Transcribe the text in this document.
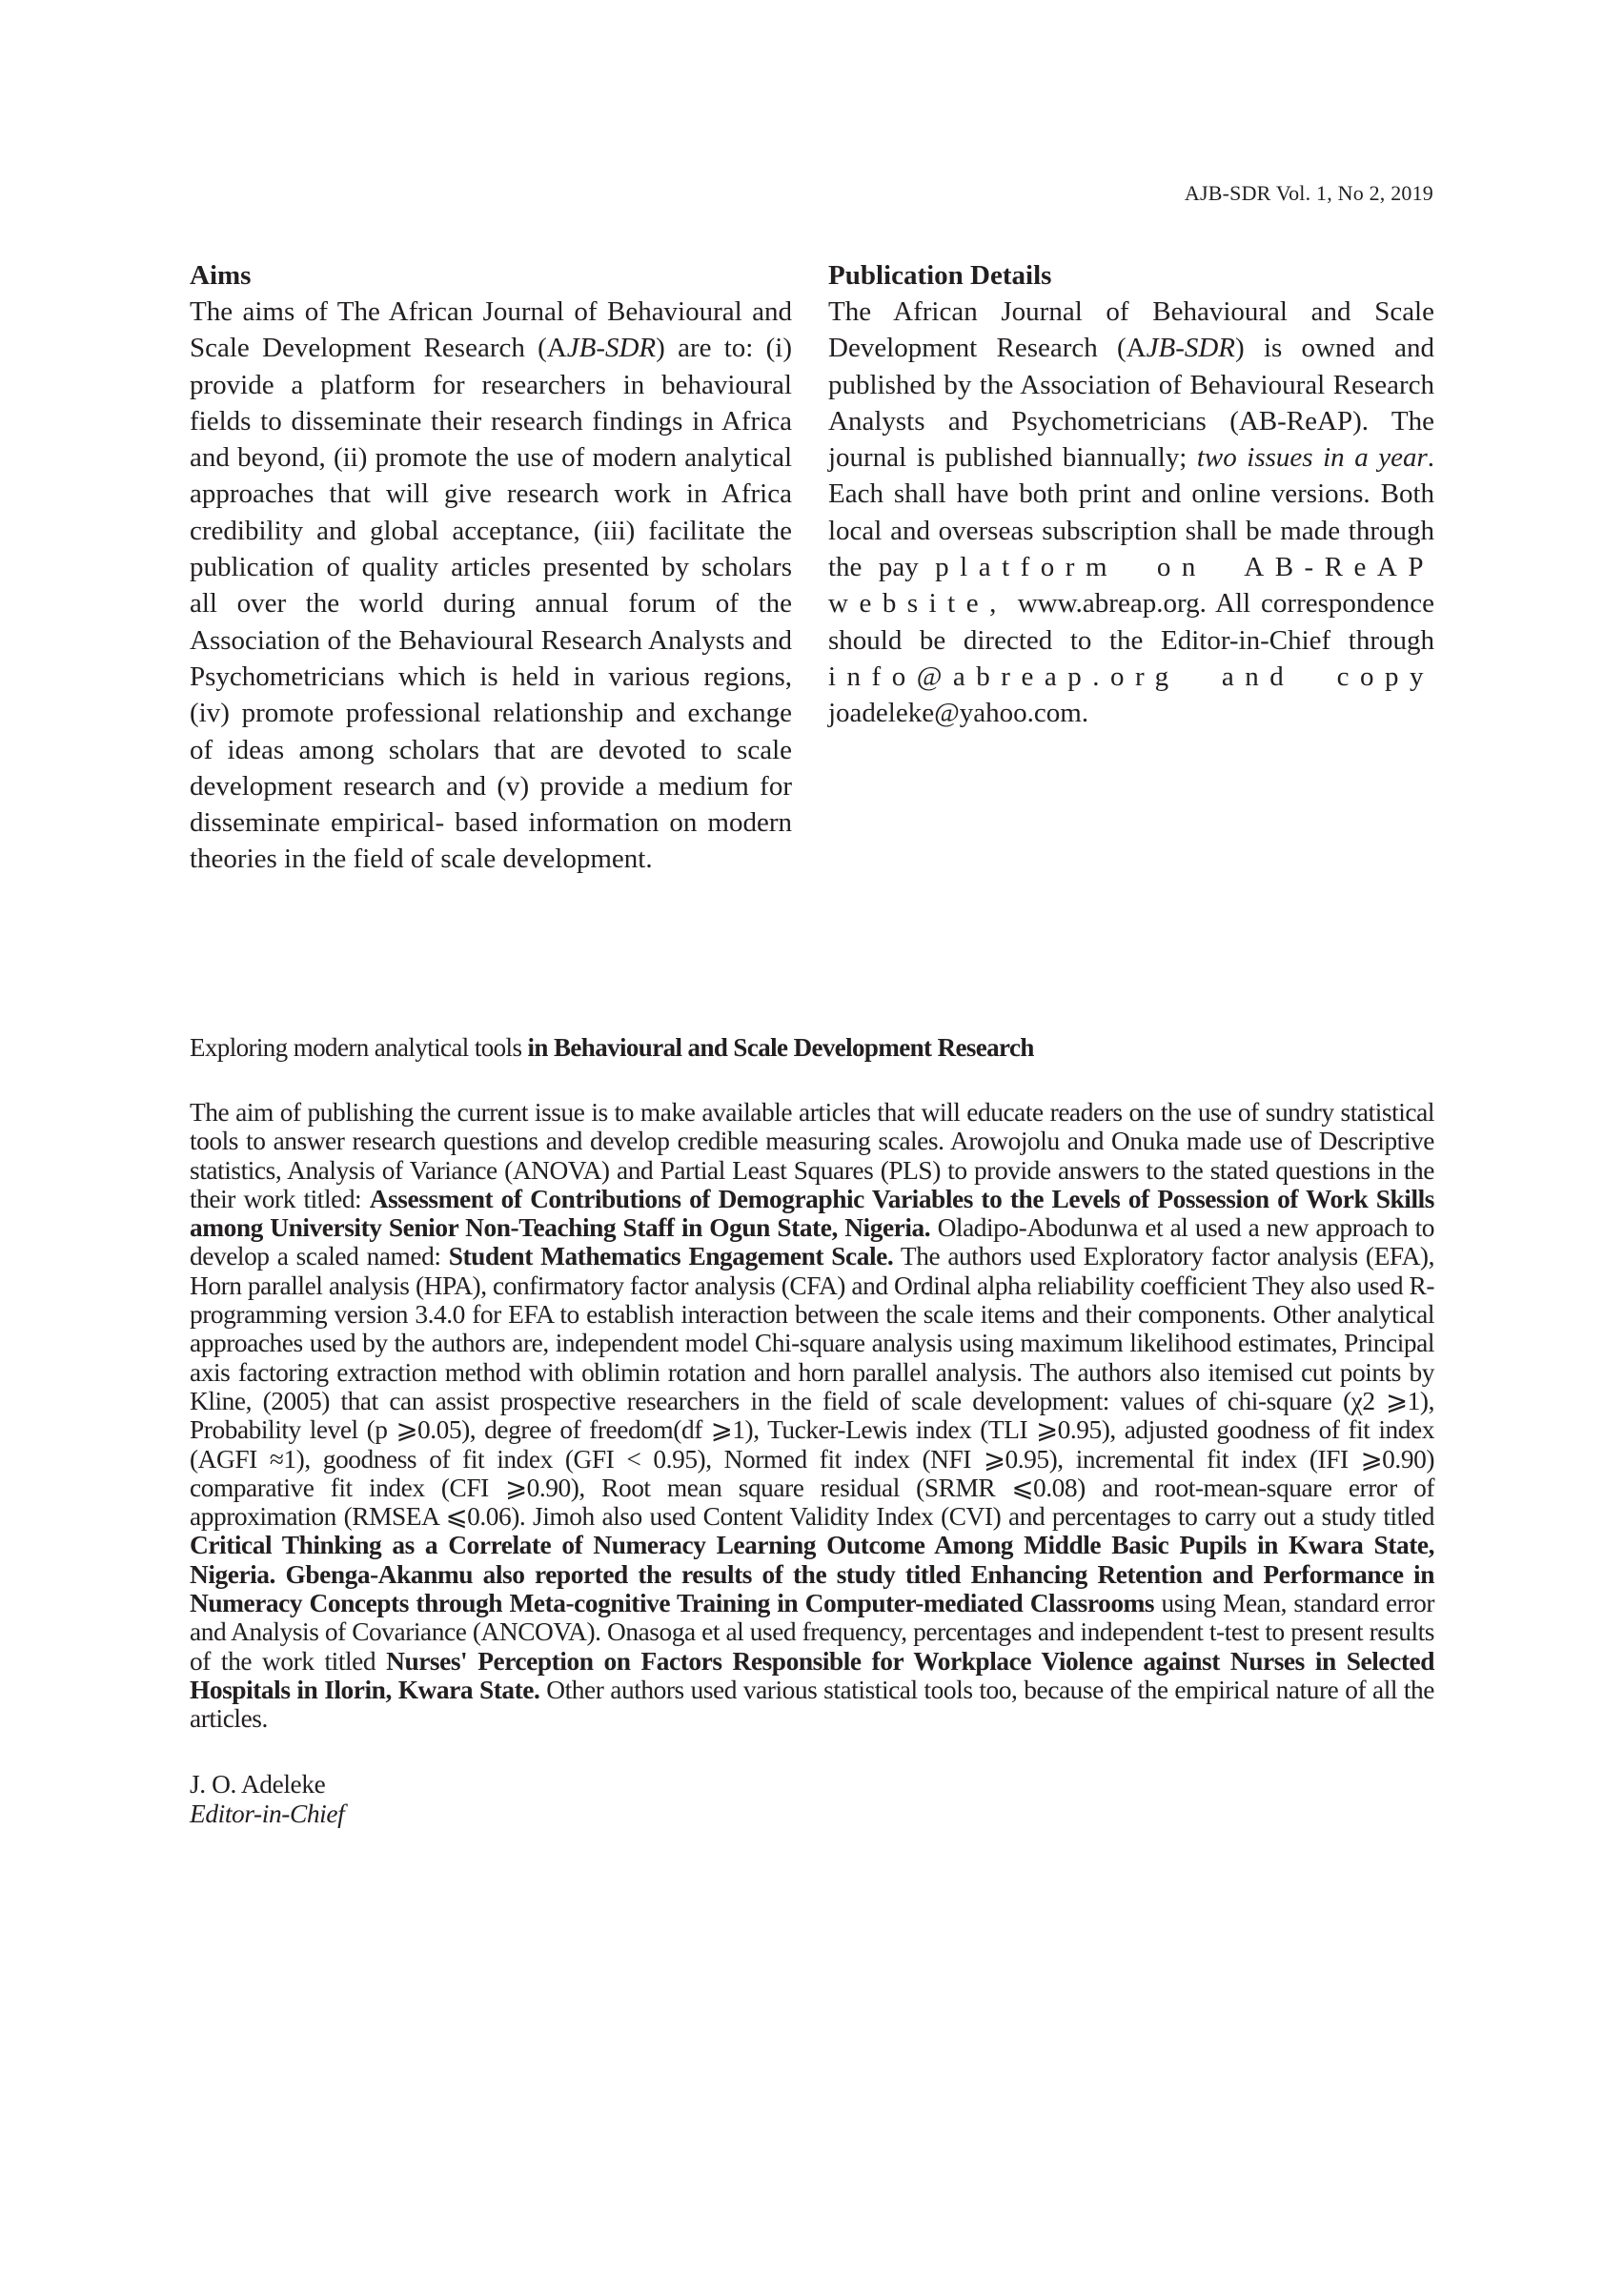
AJB-SDR Vol. 1, No 2, 2019
Aims

The aims of The African Journal of Behavioural and Scale Development Research (AJB-SDR) are to: (i) provide a platform for researchers in behavioural fields to disseminate their research findings in Africa and beyond, (ii) promote the use of modern analytical approaches that will give research work in Africa credibility and global acceptance, (iii) facilitate the publication of quality articles presented by scholars all over the world during annual forum of the Association of the Behavioural Research Analysts and Psychometricians which is held in various regions, (iv) promote professional relationship and exchange of ideas among scholars that are devoted to scale development research and (v) provide a medium for disseminate empirical- based information on modern theories in the field of scale development.

Publication Details

The African Journal of Behavioural and Scale Development Research (AJB-SDR) is owned and published by the Association of Behavioural Research Analysts and Psychometricians (AB-ReAP). The journal is published biannually; two issues in a year. Each shall have both print and online versions. Both local and overseas subscription shall be made through the pay platform on AB-ReAP website, www.abreap.org. All correspondence should be directed to the Editor-in-Chief through info@abreap.org and copy joadeleke@yahoo.com.

Exploring modern analytical tools in Behavioural and Scale Development Research

The aim of publishing the current issue is to make available articles that will educate readers on the use of sundry statistical tools to answer research questions and develop credible measuring scales. Arowojolu and Onuka made use of Descriptive statistics, Analysis of Variance (ANOVA) and Partial Least Squares (PLS) to provide answers to the stated questions in the their work titled: Assessment of Contributions of Demographic Variables to the Levels of Possession of Work Skills among University Senior Non-Teaching Staff in Ogun State, Nigeria. Oladipo-Abodunwa et al used a new approach to develop a scaled named: Student Mathematics Engagement Scale. The authors used Exploratory factor analysis (EFA), Horn parallel analysis (HPA), confirmatory factor analysis (CFA) and Ordinal alpha reliability coefficient They also used R- programming version 3.4.0 for EFA to establish interaction between the scale items and their components. Other analytical approaches used by the authors are, independent model Chi-square analysis using maximum likelihood estimates, Principal axis factoring extraction method with oblimin rotation and horn parallel analysis. The authors also itemised cut points by Kline, (2005) that can assist prospective researchers in the field of scale development: values of chi-square (χ2 ⩾1), Probability level (p ⩾0.05), degree of freedom(df ⩾1), Tucker-Lewis index (TLI ⩾0.95), adjusted goodness of fit index (AGFI ≈1), goodness of fit index (GFI < 0.95), Normed fit index (NFI ⩾0.95), incremental fit index (IFI ⩾0.90) comparative fit index (CFI ⩾0.90), Root mean square residual (SRMR ⩽0.08) and root-mean-square error of approximation (RMSEA ⩽0.06). Jimoh also used Content Validity Index (CVI) and percentages to carry out a study titled Critical Thinking as a Correlate of Numeracy Learning Outcome Among Middle Basic Pupils in Kwara State, Nigeria. Gbenga-Akanmu also reported the results of the study titled Enhancing Retention and Performance in Numeracy Concepts through Meta-cognitive Training in Computer-mediated Classrooms using Mean, standard error and Analysis of Covariance (ANCOVA). Onasoga et al used frequency, percentages and independent t-test to present results of the work titled Nurses' Perception on Factors Responsible for Workplace Violence against Nurses in Selected Hospitals in Ilorin, Kwara State. Other authors used various statistical tools too, because of the empirical nature of all the articles.

J. O. Adeleke
Editor-in-Chief
